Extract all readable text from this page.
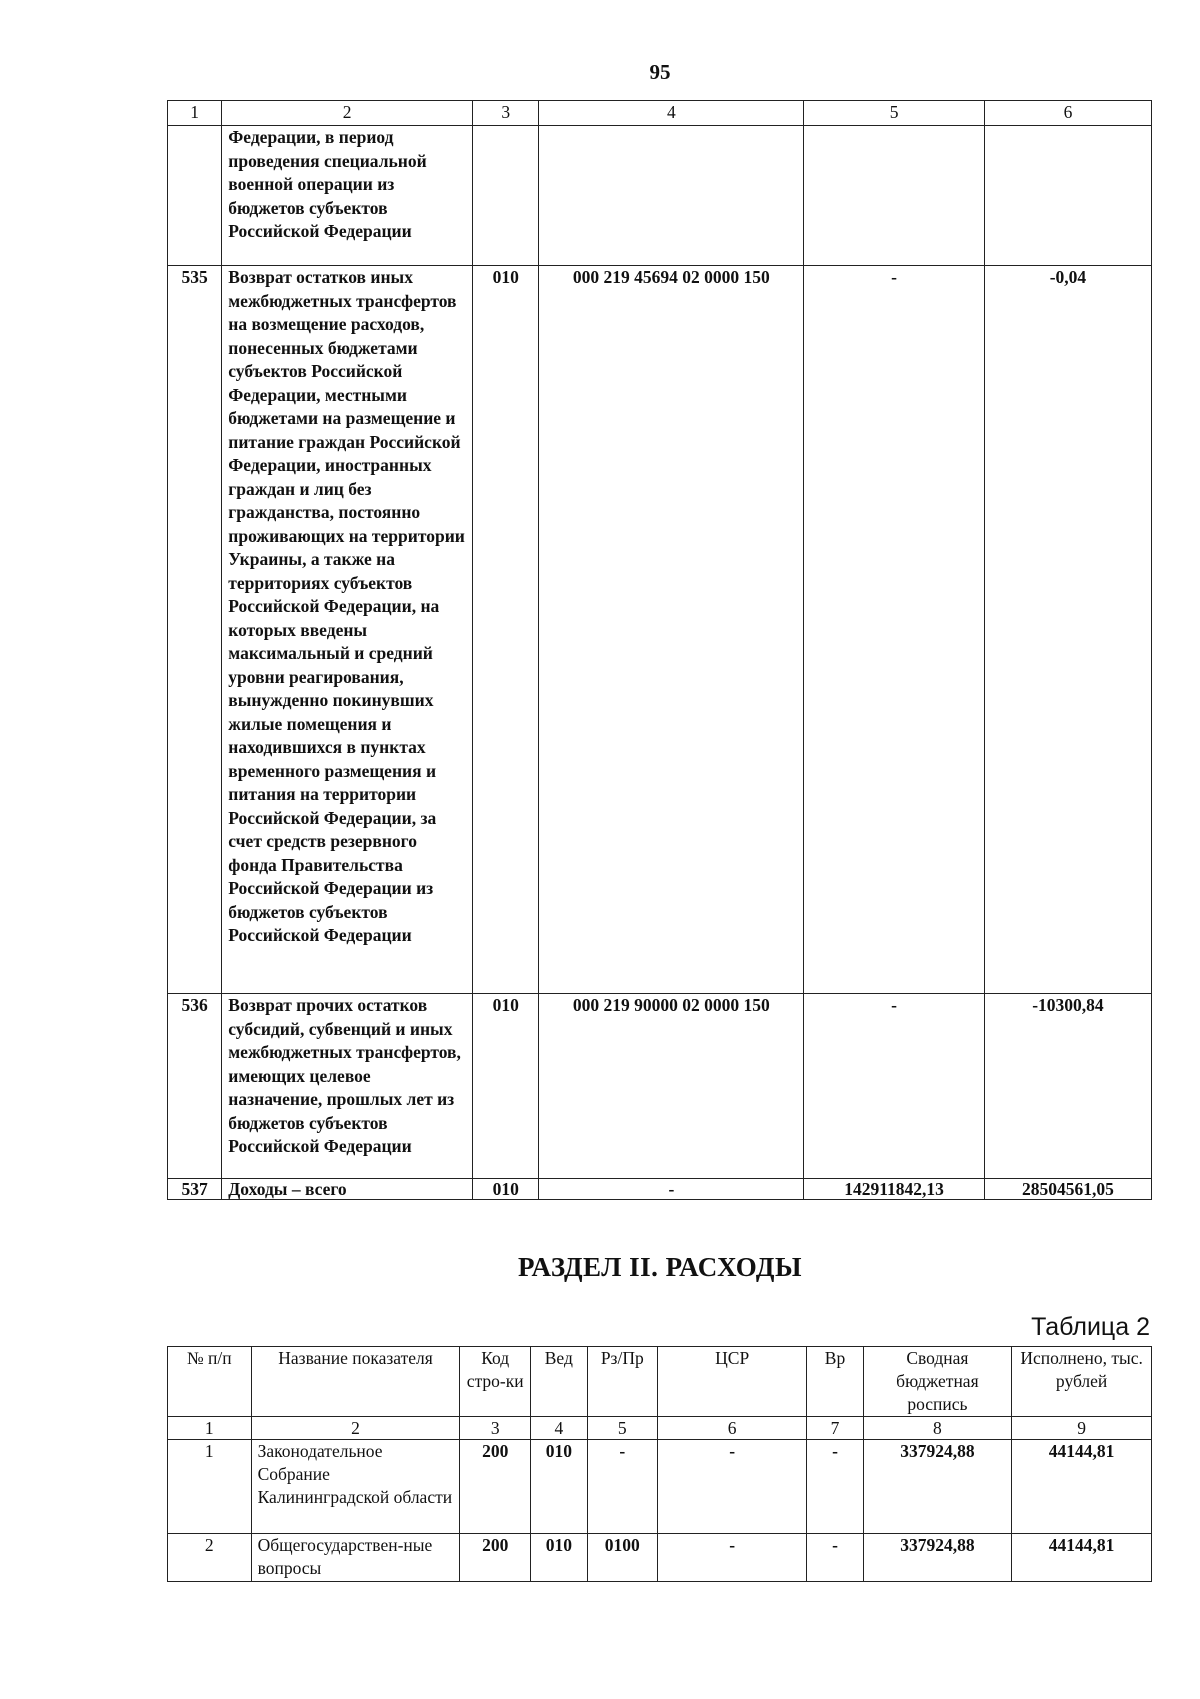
95
1	2	3	4	5	6
	Федерации, в период проведения специальной военной операции из бюджетов субъектов Российской Федерации				
535	Возврат остатков иных межбюджетных трансфертов на возмещение расходов, понесенных бюджетами субъектов Российской Федерации, местными бюджетами на размещение и питание граждан Российской Федерации, иностранных граждан и лиц без гражданства, постоянно проживающих на территории Украины, а также на территориях субъектов Российской Федерации, на которых введены максимальный и средний уровни реагирования, вынужденно покинувших жилые помещения и находившихся в пунктах временного размещения и питания на территории Российской Федерации, за счет средств резервного фонда Правительства Российской Федерации из бюджетов субъектов Российской Федерации	010	000 219 45694 02 0000 150	-	-0,04
536	Возврат прочих остатков субсидий, субвенций и иных межбюджетных трансфертов, имеющих целевое назначение, прошлых лет из бюджетов субъектов Российской Федерации	010	000 219 90000 02 0000 150	-	-10300,84
537	Доходы – всего	010	-	142911842,13	28504561,05
РАЗДЕЛ II. РАСХОДЫ
Таблица 2
№ п/п	Название показателя	Код стро-ки	Вед	Рз/Пр	ЦСР	Вр	Сводная бюджетная роспись	Исполнено, тыс. рублей
1	2	3	4	5	6	7	8	9
1	Законодательное Собрание Калининградской области	200	010	-	-	-	337924,88	44144,81
2	Общегосударствен-ные вопросы	200	010	0100	-	-	337924,88	44144,81
